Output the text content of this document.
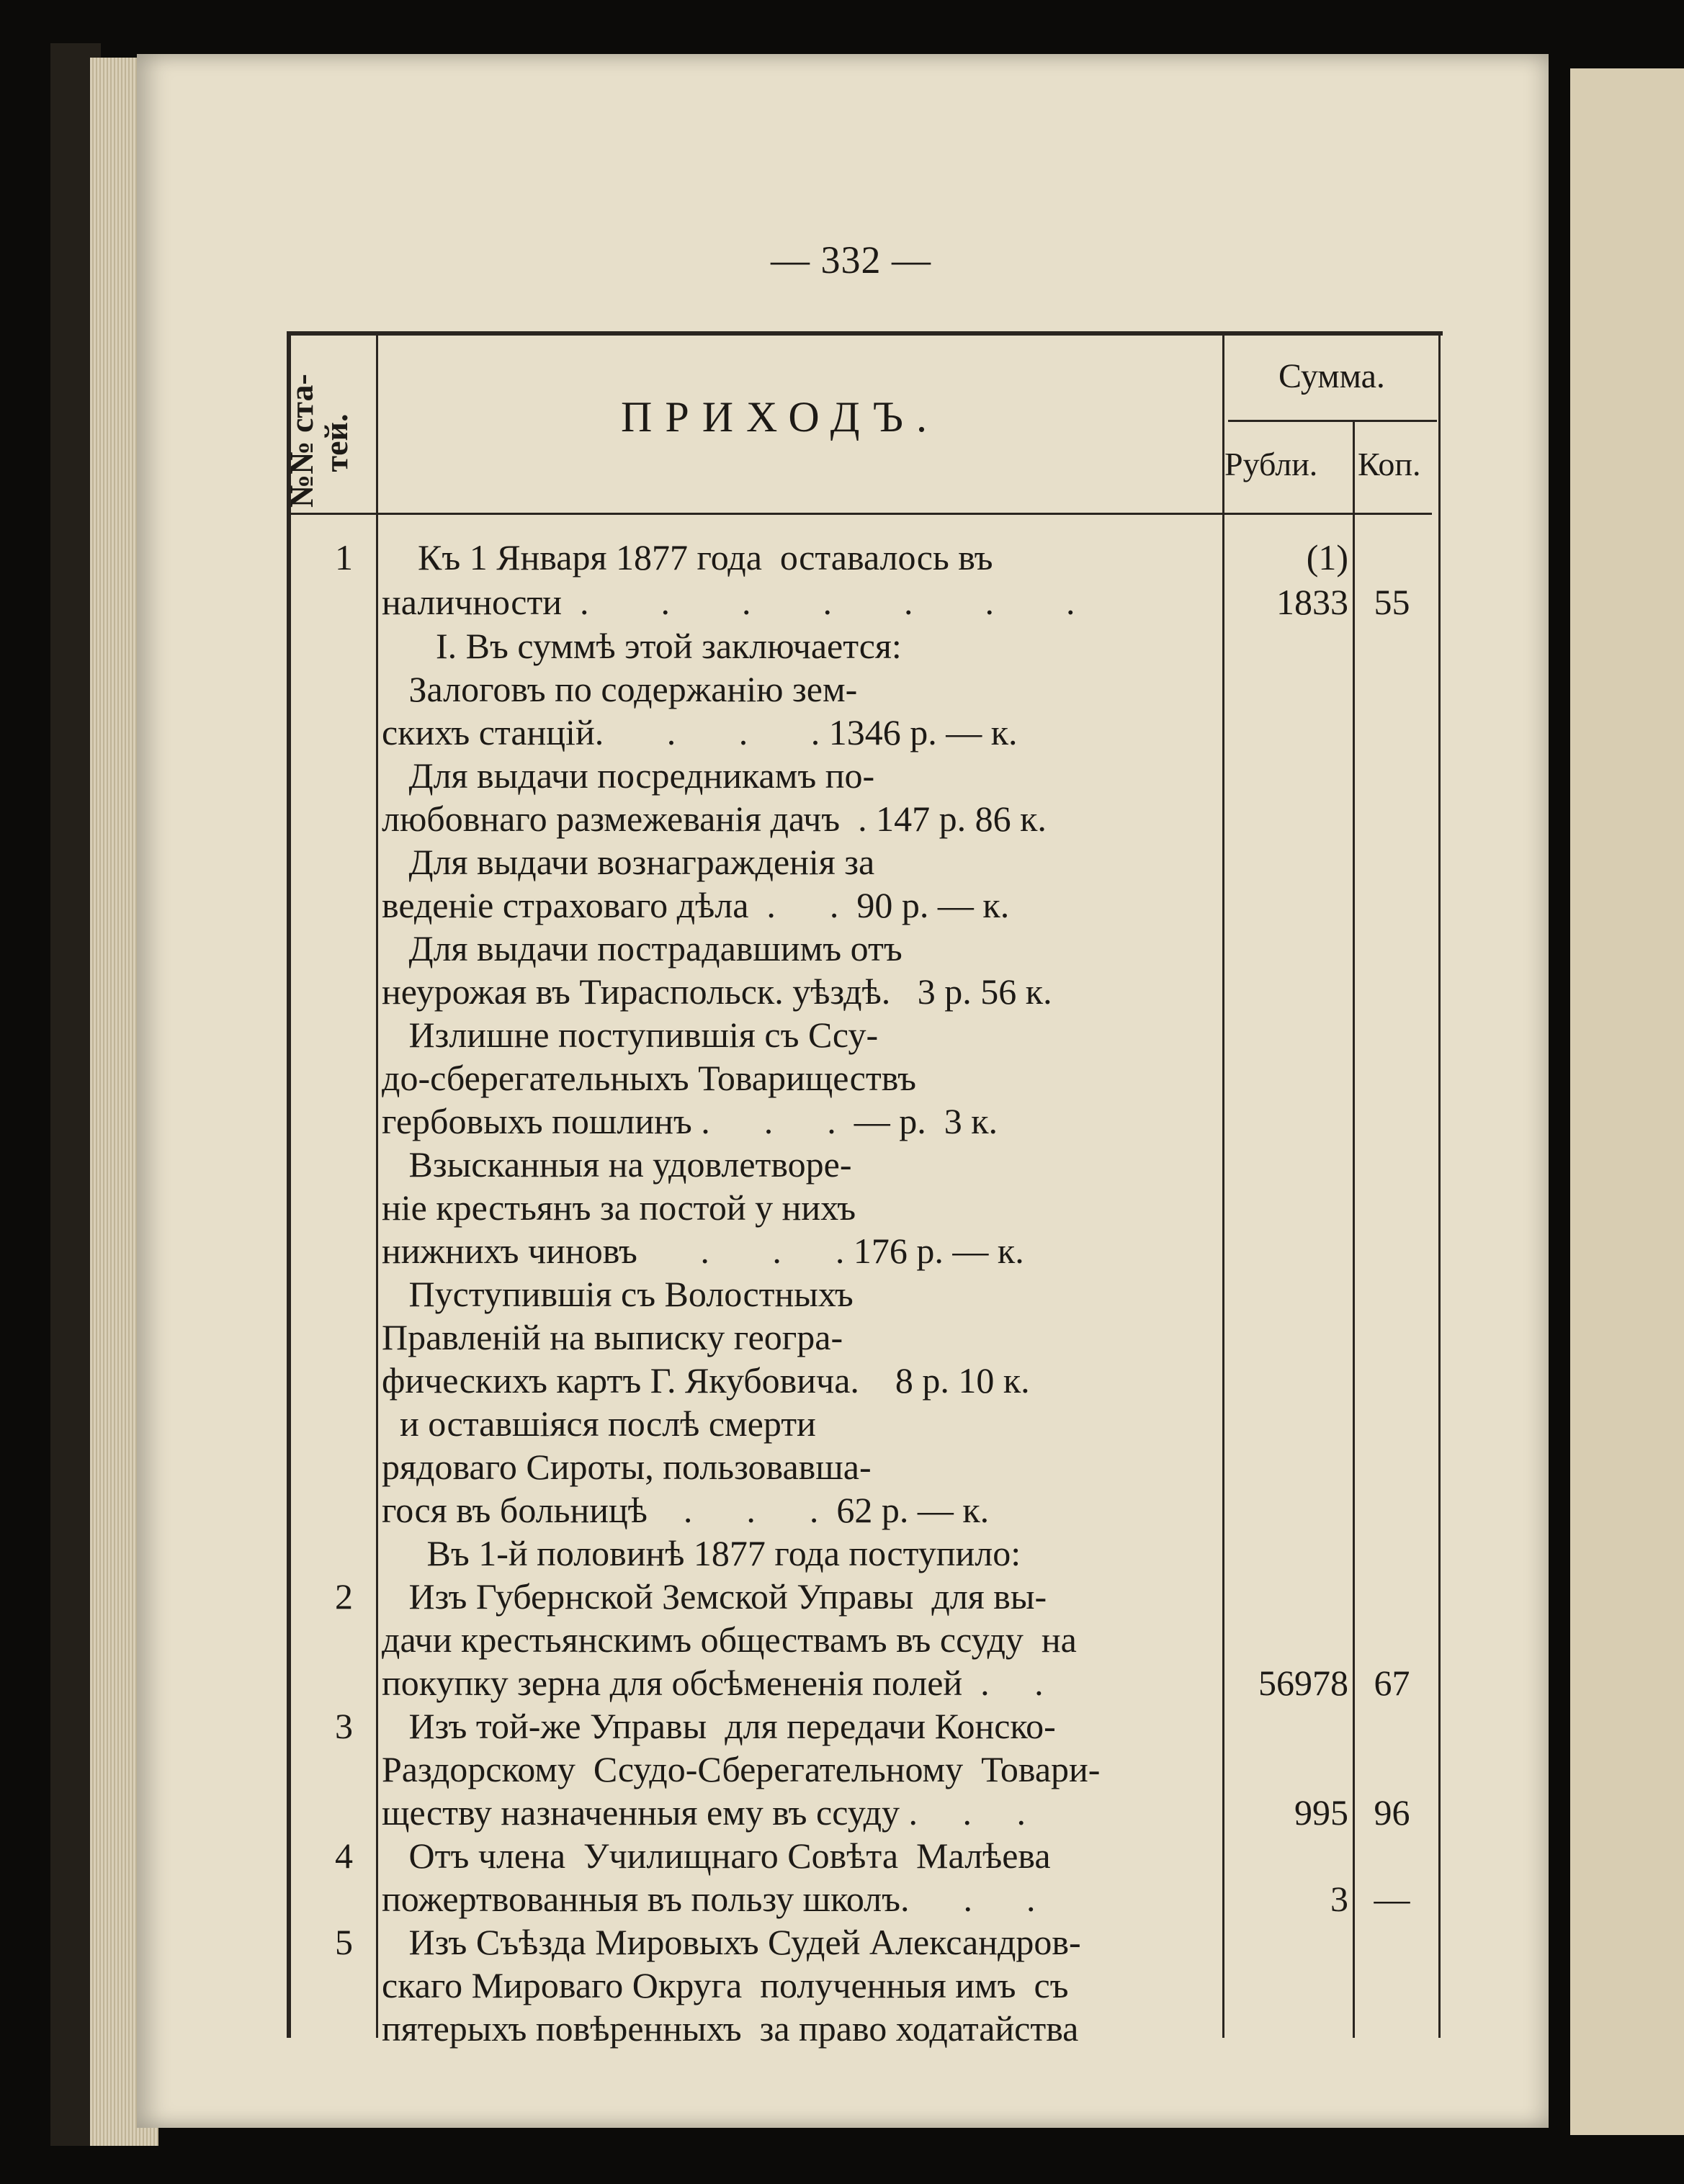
— 332 —
№№ ста-
тей.	ПРИХОДЪ.
Сумма.
Рубли. Коп.
Къ 1 Января 1877 года  оставалось въ
наличности  .        .        .        .        .        .        .
I. Въ суммѣ этой заключается:
Залоговъ по содержанію зем-
скихъ станцій.       .       .       . 1346 р. — к.
Для выдачи посредникамъ по-
любовнаго размежеванія дачъ  . 147 р. 86 к.
Для выдачи вознагражденія за
веденіе страховаго дѣла  .      .  90 р. — к.
Для выдачи пострадавшимъ отъ
неурожая въ Тираспольск. уѣздѣ.   3 р. 56 к.
Излишне поступившія съ Ссу-
до-сберегательныхъ Товариществъ
гербовыхъ пошлинъ .      .      .  — р.  3 к.
Взысканныя на удовлетворе-
ніе крестьянъ за постой у нихъ
нижнихъ чиновъ       .       .      . 176 р. — к.
Пуступившія съ Волостныхъ
Правленій на выписку геогра-
фическихъ картъ Г. Якубовича.    8 р. 10 к.
и оставшіяся послѣ смерти
рядоваго Сироты, пользовавша-
гося въ больницѣ    .      .      .  62 р. — к.
Въ 1-й половинѣ 1877 года поступило:
Изъ Губернской Земской Управы  для вы-
дачи крестьянскимъ обществамъ въ ссуду  на
покупку зерна для обсѣмененія полей  .     .
Изъ той-же Управы  для передачи Конско-
Раздорскому  Ссудо-Сберегательному  Товари-
ществу назначенныя ему въ ссуду .     .     .
Отъ члена  Училищнаго Совѣта  Малѣева
пожертвованныя въ пользу школъ.      .      .
Изъ Съѣзда Мировыхъ Судей Александров-
скаго Мироваго Округа  полученныя имъ  съ
пятерыхъ повѣренныхъ  за право ходатайства
1
2
3
4
5
(1)
1833 55
56978 67
995 96
3 —
